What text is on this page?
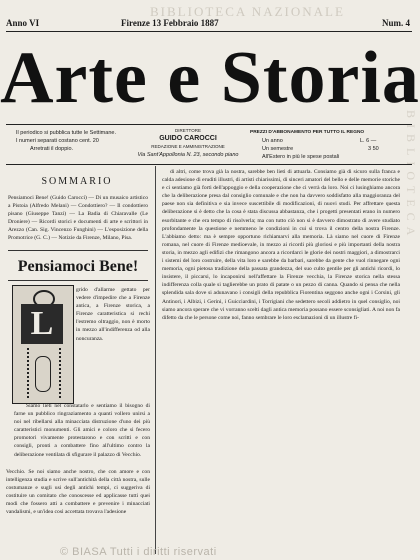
BIBLIOTECA NAZIONALE
BIBLIOTECA
Anno VI	Firenze 13 Febbraio 1887	Num. 4
Arte e Storia
Il periodico si pubblica tutte le Settimane.
I numeri separati costano cent. 20
Arretrati il doppio.
DIRETTORE
GUIDO CAROCCI
REDAZIONE E AMMINISTRAZIONE
Via Sant'Appollonia N. 23, secondo piano
PREZZI D'ABBONAMENTO PER TUTTO IL REGNO
Un anno	L. 6 —
Un semestre	3 50
All'Estero in più le spese postali
SOMMARIO
Pensiamoci Bene! (Guido Carocci) — Di un musaico artistico a Pistoia (Alfredo Melani) — Condottiero? — Il condottiero pisano (Giuseppe Tanzi) — La Badia di Chiaravalle (Le Droniere) — Ricordi storici e documenti di arte e scrittori in Arezzo (Can. Sig. Vincenzo Funghini) — L'esposizione della Promotrice (G. C.) — Notizie da Firenze, Milano, Pisa.
Pensiamoci Bene!
L
grido d'allarme gettato per vedere d'impedire che a Firenze antica, a Firenze storica, a Firenze caratteristica si rechi l'estremo oltraggio, non è morto in mezzo all'indifferenza od alla noncuranza.
Siamo lieti nel constatarlo e sentiamo il bisogno di farne un pubblico ringraziamento a quanti vollero unirsi a noi nel ribellarsi alla minacciata distruzione d'uno dei più caratteristici monumenti. Gli amici e coloro che si fecero promotori vivamente protestarono e con scritti e con consigli, pronti a combattere fino all'ultimo contro la deliberazione ventilata di sfigurare il palazzo di Vecchio.
Vecchio. Se noi siamo anche nostro, che con amore e con intelligenza studia e scrive sull'antichità della città nostra, sulle costumanze e sugli usi degli antichi tempi, ci suggeriva di costituire un comitato che conoscesse ed applicasse tutti quei modi che fossero atti a combattere e prevenire i minacciati vandalismi, e un'idea così accettata trovava l'adesione
di altri, come trova già la nostra, sarebbe ben lieti di attuarla. Consiamo già di sicuro sulla franca e calda adesione di eruditi illustri, di artisti chiarissimi, di sinceri amatori del bello e delle memorie storiche e ci sentiamo già forti dell'appoggio e della cooperazione che ci verrà da loro. Noi ci lusinghiamo ancora che la deliberazione presa dal consiglio comunale e che non ha davvero soddisfatto alla maggioranza del paese non sia definitiva e sia invece suscettibile di modificazioni, di nuovi studi. Per affrettare questa deliberazione si è detto che la cosa è stata discussa abbastanza, che i progetti presentati erano in numero esorbitante e che era tempo di risolverla; ma con tutto ciò non si è davvero dimostrato di avere studiato profondamente la questione e nemmeno le condizioni in cui si trova il centro della nostra Firenze. L'abbiamo detto: ma è sempre opportuno richiamarvi alla memoria. Là siamo nel cuore di Firenze romana, nel cuore di Firenze medioevale, in mezzo ai ricordi più gloriosi e più importanti della nostra storia, in mezzo agli edifizi che rimangono ancora a ricordarci le glorie dei nostri maggiori, a dimostrarci i sistemi del loro costruire, della vita loro e sarebbe da barbari, sarebbe da gente che vuol rinnegare ogni memoria, ogni pietosa tradizione della passata grandezza, del suo culto gentile per gli antichi ricordi, lo insistere, il piccarsi, lo incaponirsi nell'affettare la Firenze vecchia, la Firenze storica nella stessa indifferenza colla quale si taglierebbe un prato di patate o un pezzo di canna. Quando si pensa che nella splendida sala dove si adunavano i consigli della repubblica Fiorentina seggono anche ogni i Corsini, gli Antinori, i Albizi, i Gerini, i Guicciardini, i Torrigiani che sedettero secoli addietro in quel consiglio, noi siamo ancora sperare che vi vorranno scelti dagli antica memoria possano essere sconsigliati. A noi non fa difetto da che le persone come noi, fanno sembrare le loro esclamazioni di un illustre fi-
© BIASA Tutti i diritti riservati
